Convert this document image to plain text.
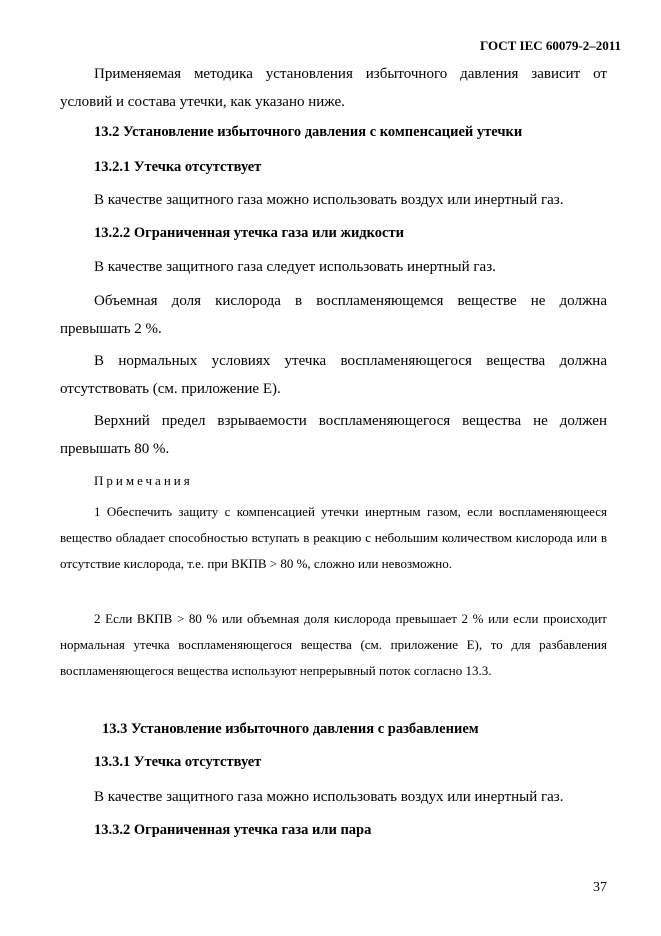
ГОСТ IEC 60079-2–2011
Применяемая методика установления избыточного давления зависит от условий и состава утечки, как указано ниже.
13.2 Установление избыточного давления с компенсацией утечки
13.2.1 Утечка отсутствует
В качестве защитного газа можно использовать воздух или инертный газ.
13.2.2 Ограниченная утечка газа или жидкости
В качестве защитного газа следует использовать инертный газ.
Объемная доля кислорода в воспламеняющемся веществе не должна превышать 2 %.
В нормальных условиях утечка воспламеняющегося вещества должна отсутствовать (см. приложение Е).
Верхний предел взрываемости воспламеняющегося вещества не должен превышать 80 %.
Примечания
1 Обеспечить защиту с компенсацией утечки инертным газом, если воспламеняющееся вещество обладает способностью вступать в реакцию с небольшим количеством кислорода или в отсутствие кислорода, т.е. при ВКПВ > 80 %, сложно или невозможно.
2 Если ВКПВ > 80 % или объемная доля кислорода превышает 2 % или если происходит нормальная утечка воспламеняющегося вещества (см. приложение Е), то для разбавления воспламеняющегося вещества используют непрерывный поток согласно 13.3.
13.3 Установление избыточного давления с разбавлением
13.3.1 Утечка отсутствует
В качестве защитного газа можно использовать воздух или инертный газ.
13.3.2 Ограниченная утечка газа или пара
37
